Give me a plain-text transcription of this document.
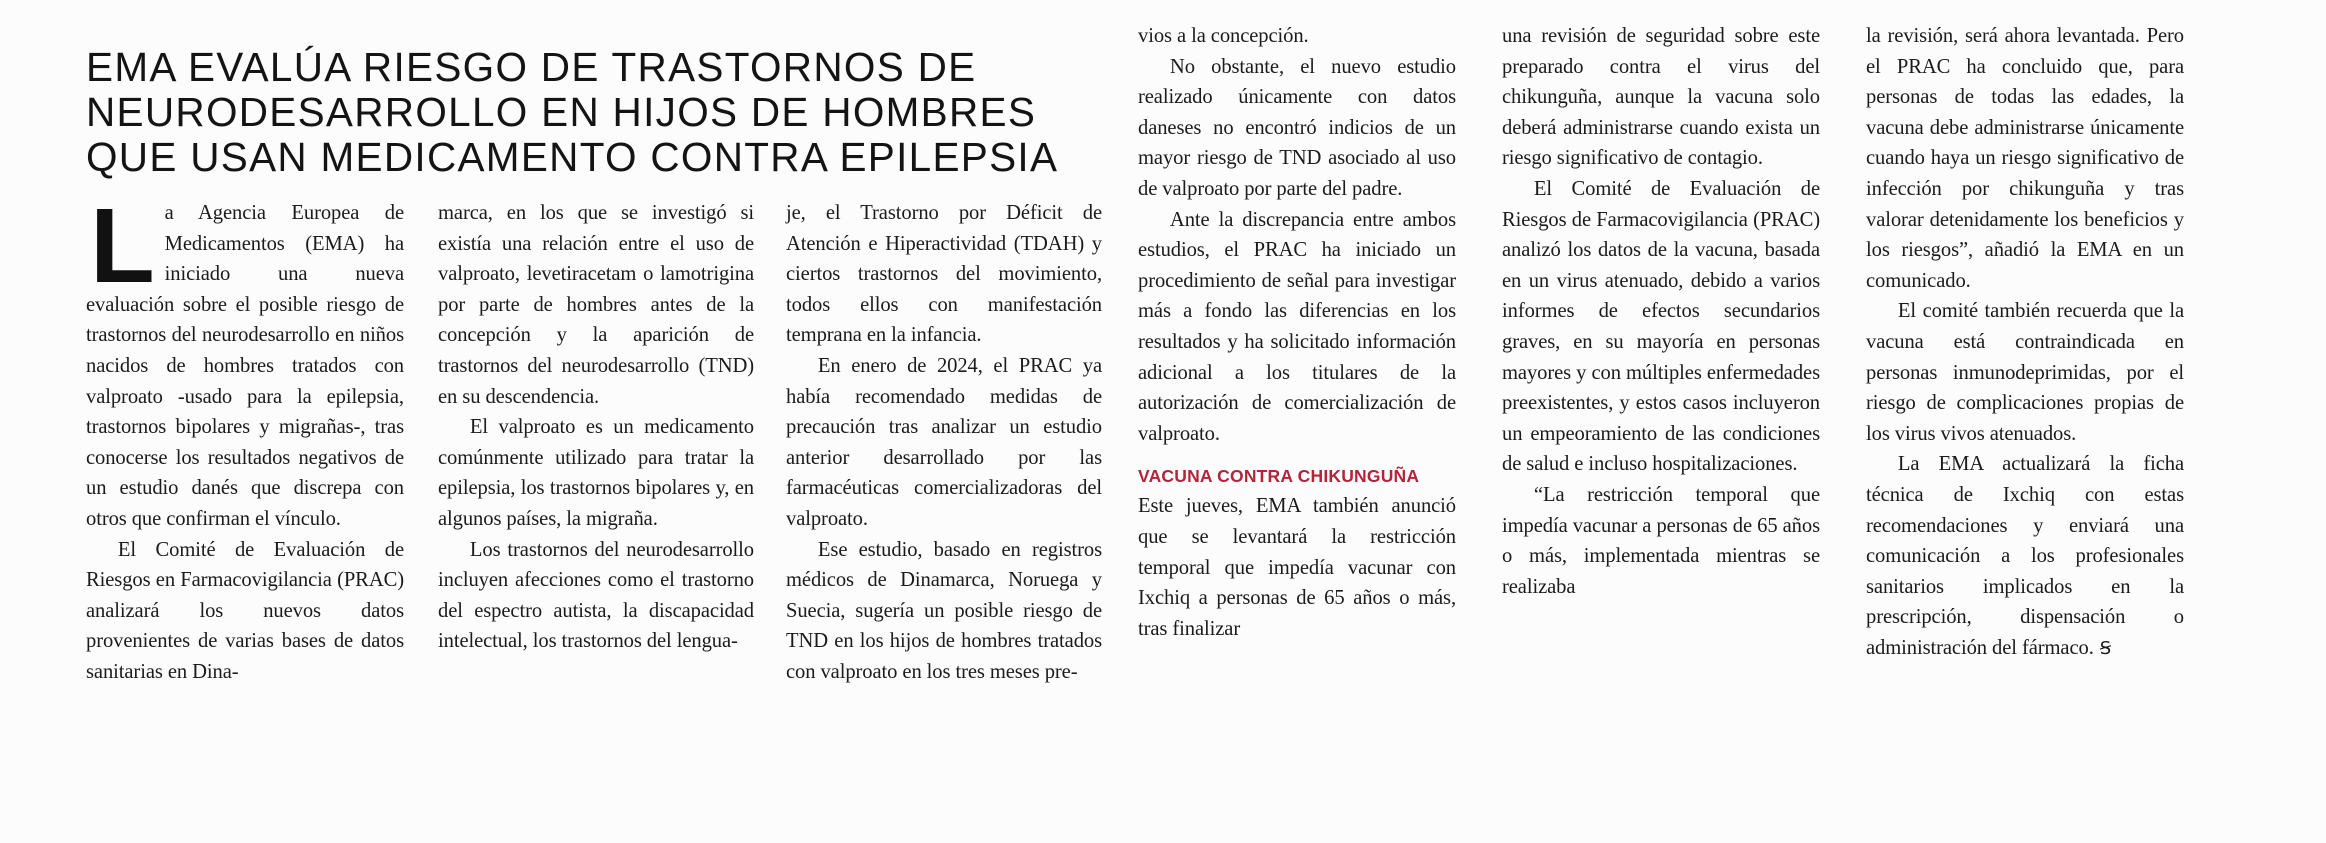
EMA EVALÚA RIESGO DE TRASTORNOS DE
NEURODESARROLLO EN HIJOS DE HOMBRES
QUE USAN MEDICAMENTO CONTRA EPILEPSIA

La Agencia Europea de Medicamentos (EMA) ha iniciado una nueva evaluación sobre el posible riesgo de trastornos del neurodesarrollo en niños nacidos de hombres tratados con valproato -usado para la epilepsia, trastornos bipolares y migrañas-, tras conocerse los resultados negativos de un estudio danés que discrepa con otros que confirman el vínculo.

El Comité de Evaluación de Riesgos en Farmacovigilancia (PRAC) analizará los nuevos datos provenientes de varias bases de datos sanitarias en Dina-

marca, en los que se investigó si existía una relación entre el uso de valproato, levetiracetam o lamotrigina por parte de hombres antes de la concepción y la aparición de trastornos del neurodesarrollo (TND) en su descendencia.

El valproato es un medicamento comúnmente utilizado para tratar la epilepsia, los trastornos bipolares y, en algunos países, la migraña.

Los trastornos del neurodesarrollo incluyen afecciones como el trastorno del espectro autista, la discapacidad intelectual, los trastornos del lengua-

je, el Trastorno por Déficit de Atención e Hiperactividad (TDAH) y ciertos trastornos del movimiento, todos ellos con manifestación temprana en la infancia.

En enero de 2024, el PRAC ya había recomendado medidas de precaución tras analizar un estudio anterior desarrollado por las farmacéuticas comercializadoras del valproato.

Ese estudio, basado en registros médicos de Dinamarca, Noruega y Suecia, sugería un posible riesgo de TND en los hijos de hombres tratados con valproato en los tres meses pre-

vios a la concepción.

No obstante, el nuevo estudio realizado únicamente con datos daneses no encontró indicios de un mayor riesgo de TND asociado al uso de valproato por parte del padre.

Ante la discrepancia entre ambos estudios, el PRAC ha iniciado un procedimiento de señal para investigar más a fondo las diferencias en los resultados y ha solicitado información adicional a los titulares de la autorización de comercialización de valproato.

VACUNA CONTRA CHIKUNGUÑA

Este jueves, EMA también anunció que se levantará la restricción temporal que impedía vacunar con Ixchiq a personas de 65 años o más, tras finalizar

una revisión de seguridad sobre este preparado contra el virus del chikunguña, aunque la vacuna solo deberá administrarse cuando exista un riesgo significativo de contagio.

El Comité de Evaluación de Riesgos de Farmacovigilancia (PRAC) analizó los datos de la vacuna, basada en un virus atenuado, debido a varios informes de efectos secundarios graves, en su mayoría en personas mayores y con múltiples enfermedades preexistentes, y estos casos incluyeron un empeoramiento de las condiciones de salud e incluso hospitalizaciones.

“La restricción temporal que impedía vacunar a personas de 65 años o más, implementada mientras se realizaba

la revisión, será ahora levantada. Pero el PRAC ha concluido que, para personas de todas las edades, la vacuna debe administrarse únicamente cuando haya un riesgo significativo de infección por chikunguña y tras valorar detenidamente los beneficios y los riesgos”, añadió la EMA en un comunicado.

El comité también recuerda que la vacuna está contraindicada en personas inmunodeprimidas, por el riesgo de complicaciones propias de los virus vivos atenuados.

La EMA actualizará la ficha técnica de Ixchiq con estas recomendaciones y enviará una comunicación a los profesionales sanitarios implicados en la prescripción, dispensación o administración del fármaco. Ꞩ
